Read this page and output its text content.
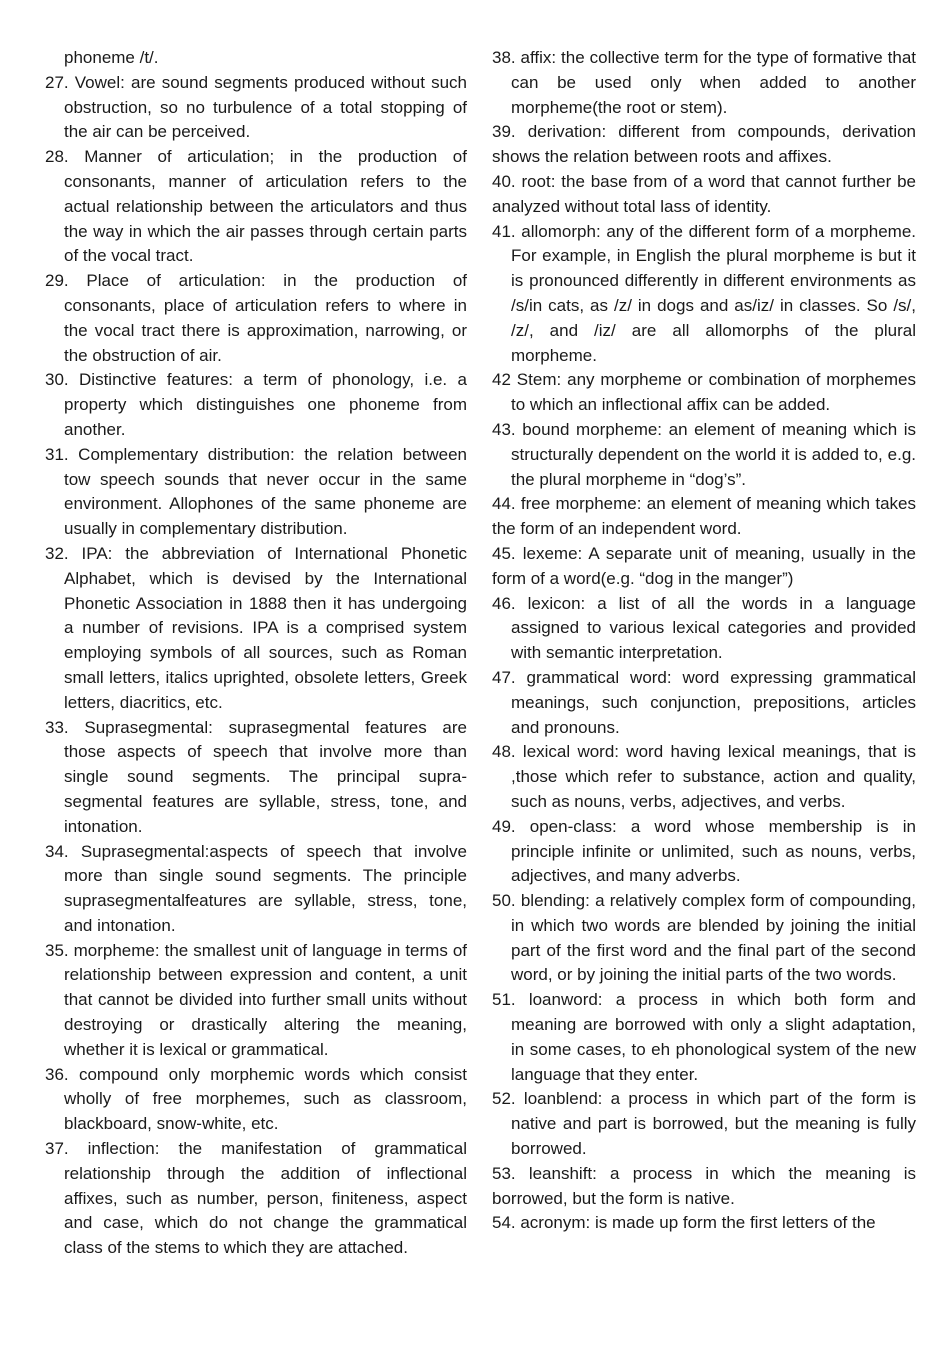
phoneme /t/.

27. Vowel: are sound segments produced without such obstruction, so no turbulence of a total stopping of the air can be perceived.

28. Manner of articulation; in the production of consonants, manner of articulation refers to the actual relationship between the articulators and thus the way in which the air passes through certain parts of the vocal tract.

29. Place of articulation: in the production of consonants, place of articulation refers to where in the vocal tract there is approximation, narrowing, or the obstruction of air.

30. Distinctive features: a term of phonology, i.e. a property which distinguishes one phoneme from another.

31. Complementary distribution: the relation between tow speech sounds that never occur in the same environment. Allophones of the same phoneme are usually in complementary distribution.

32. IPA: the abbreviation of International Phonetic Alphabet, which is devised by the International Phonetic Association in 1888 then it has undergoing a number of revisions. IPA is a comprised system employing symbols of all sources, such as Roman small letters, italics uprighted, obsolete letters, Greek letters, diacritics, etc.

33. Suprasegmental: suprasegmental features are those aspects of speech that involve more than single sound segments. The principal supra-segmental features are syllable, stress, tone, and intonation.

34. Suprasegmental:aspects of speech that involve more than single sound segments. The principle suprasegmentalfeatures are syllable, stress, tone, and intonation.

35. morpheme: the smallest unit of language in terms of relationship between expression and content, a unit that cannot be divided into further small units without destroying or drastically altering the meaning, whether it is lexical or grammatical.

36. compound only morphemic words which consist wholly of free morphemes, such as classroom, blackboard, snow-white, etc.

37. inflection: the manifestation of grammatical relationship through the addition of inflectional affixes, such as number, person, finiteness, aspect and case, which do not change the grammatical class of the stems to which they are attached.

38. affix: the collective term for the type of formative that can be used only when added to another morpheme(the root or stem).

39. derivation: different from compounds, derivation shows the relation between roots and affixes.

40. root: the base from of a word that cannot further be analyzed without total lass of identity.

41. allomorph: any of the different form of a morpheme. For example, in English the plural morpheme is but it is pronounced differently in different environments as /s/in cats, as /z/ in dogs and as/iz/ in classes. So /s/, /z/, and /iz/ are all allomorphs of the plural morpheme.

42 Stem: any morpheme or combination of morphemes to which an inflectional affix can be added.

43. bound morpheme: an element of meaning which is structurally dependent on the world it is added to, e.g. the plural morpheme in “dog’s”.

44. free morpheme: an element of meaning which takes the form of an independent word.

45. lexeme: A separate unit of meaning, usually in the form of a word(e.g. “dog in the manger”)

46. lexicon: a list of all the words in a language assigned to various lexical categories and provided with semantic interpretation.

47. grammatical word: word expressing grammatical meanings, such conjunction, prepositions, articles and pronouns.

48. lexical word: word having lexical meanings, that is ,those which refer to substance, action and quality, such as nouns, verbs, adjectives, and verbs.

49. open-class: a word whose membership is in principle infinite or unlimited, such as nouns, verbs, adjectives, and many adverbs.

50. blending: a relatively complex form of compounding, in which two words are blended by joining the initial part of the first word and the final part of the second word, or by joining the initial parts of the two words.

51. loanword: a process in which both form and meaning are borrowed with only a slight adaptation, in some cases, to eh phonological system of the new language that they enter.

52. loanblend: a process in which part of the form is native and part is borrowed, but the meaning is fully borrowed.

53. leanshift: a process in which the meaning is borrowed, but the form is native.

54. acronym: is made up form the first letters of the
